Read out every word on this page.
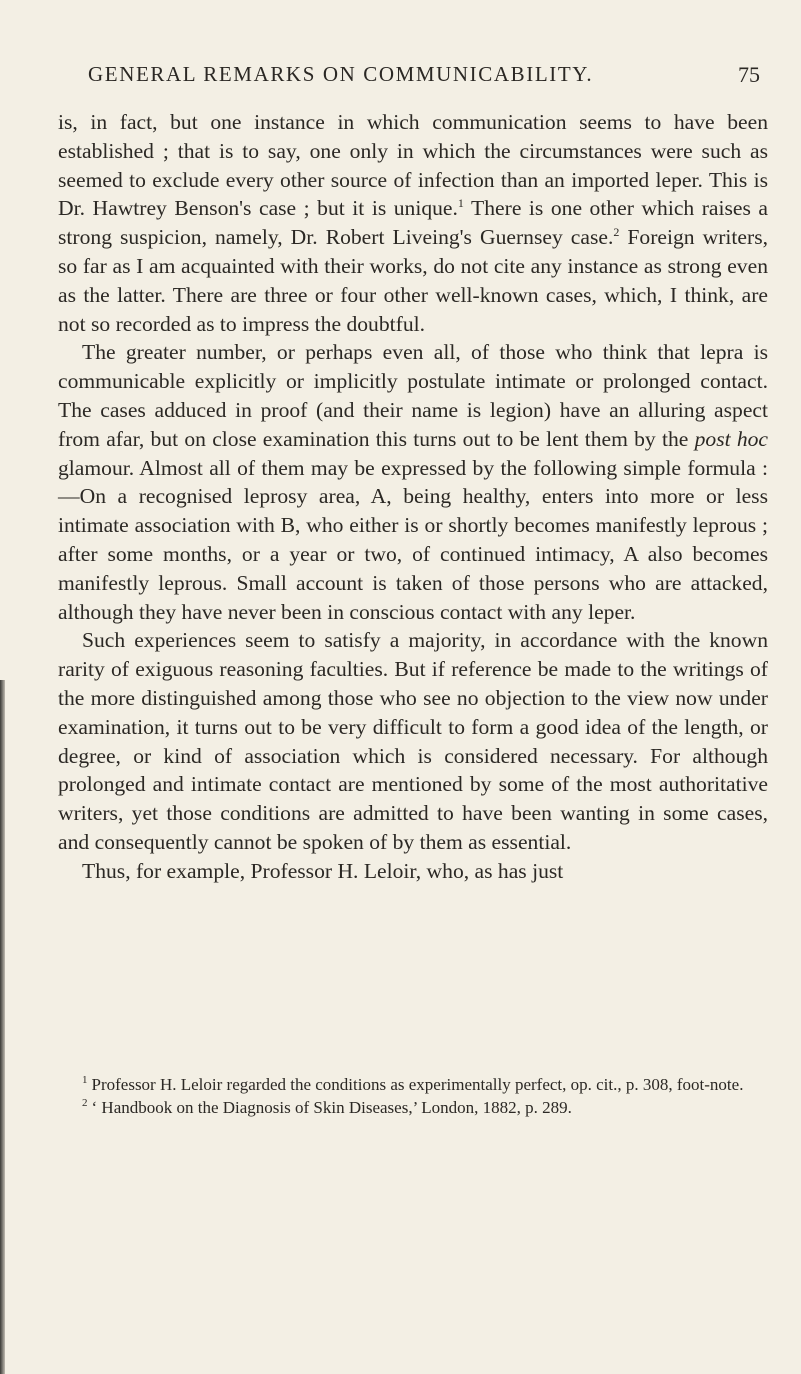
GENERAL REMARKS ON COMMUNICABILITY.	75

is, in fact, but one instance in which communication seems to have been established ; that is to say, one only in which the circumstances were such as seemed to exclude every other source of infection than an imported leper. This is Dr. Hawtrey Benson's case ; but it is unique.$^1$ There is one other which raises a strong suspicion, namely, Dr. Robert Liveing's Guernsey case.$^2$ Foreign writers, so far as I am acquainted with their works, do not cite any instance as strong even as the latter. There are three or four other well-known cases, which, I think, are not so recorded as to impress the doubtful.

The greater number, or perhaps even all, of those who think that lepra is communicable explicitly or implicitly postulate intimate or prolonged contact. The cases adduced in proof (and their name is legion) have an alluring aspect from afar, but on close examination this turns out to be lent them by the post hoc glamour. Almost all of them may be expressed by the following simple formula :—On a recognised leprosy area, A, being healthy, enters into more or less intimate association with B, who either is or shortly becomes manifestly leprous ; after some months, or a year or two, of continued intimacy, A also becomes manifestly leprous. Small account is taken of those persons who are attacked, although they have never been in conscious contact with any leper.

Such experiences seem to satisfy a majority, in accordance with the known rarity of exiguous reasoning faculties. But if reference be made to the writings of the more distinguished among those who see no objection to the view now under examination, it turns out to be very difficult to form a good idea of the length, or degree, or kind of association which is considered necessary. For although prolonged and intimate contact are mentioned by some of the most authoritative writers, yet those conditions are admitted to have been wanting in some cases, and consequently cannot be spoken of by them as essential.

Thus, for example, Professor H. Leloir, who, as has just

$^1$ Professor H. Leloir regarded the conditions as experimentally perfect, op. cit., p. 308, foot-note.

$^2$ ‘ Handbook on the Diagnosis of Skin Diseases,’ London, 1882, p. 289.
